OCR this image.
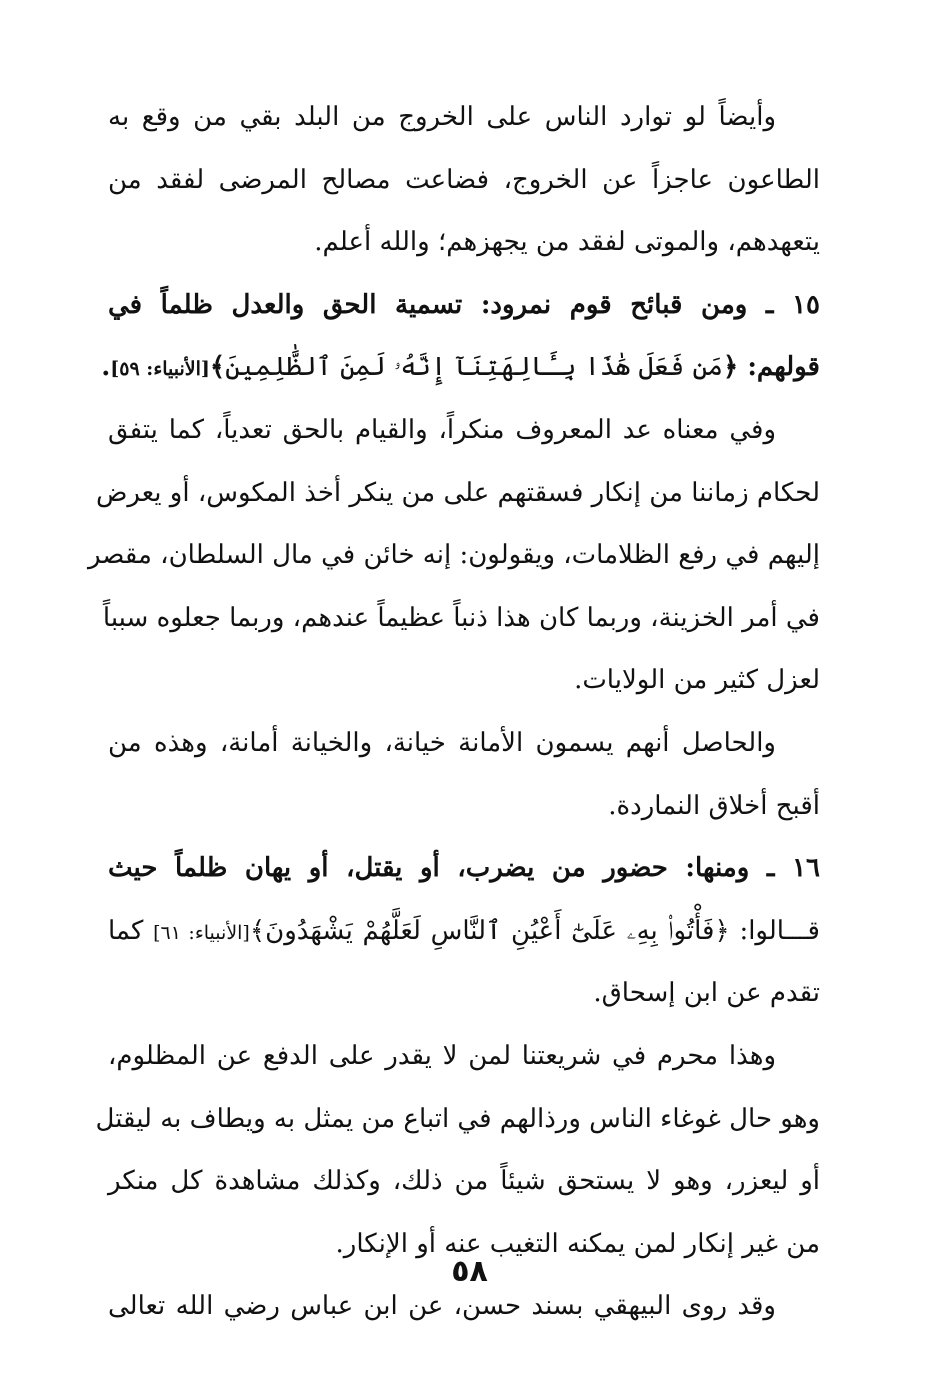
وأيضاً لو توارد الناس على الخروج من البلد بقي من وقع به
الطاعون عاجزاً عن الخروج، فضاعت مصالح المرضى لفقد من
يتعهدهم، والموتى لفقد من يجهزهم؛ والله أعلم.
١٥ ـ ومن قبائح قوم نمرود: تسمية الحق والعدل ظلماً في
قولهم: ﴿مَن فَعَلَ هَٰذَا بِـَٔالِهَتِنَآ إِنَّهُۥ لَمِنَ ٱلظَّٰلِمِينَ﴾[الأنبياء: ٥٩].
وفي معناه عد المعروف منكراً، والقيام بالحق تعدياً، كما يتفق
لحكام زماننا من إنكار فسقتهم على من ينكر أخذ المكوس، أو يعرض
إليهم في رفع الظلامات، ويقولون: إنه خائن في مال السلطان، مقصر
في أمر الخزينة، وربما كان هذا ذنباً عظيماً عندهم، وربما جعلوه سبباً
لعزل كثير من الولايات.
والحاصل أنهم يسمون الأمانة خيانة، والخيانة أمانة، وهذه من
أقبح أخلاق النماردة.
١٦ ـ ومنها: حضور من يضرب، أو يقتل، أو يهان ظلماً حيث
قـــالوا: ﴿فَأْتُوا۟ بِهِۦ عَلَىٰٓ أَعْيُنِ ٱلنَّاسِ لَعَلَّهُمْ يَشْهَدُونَ﴾[الأنبياء: ٦١] كما
تقدم عن ابن إسحاق.
وهذا محرم في شريعتنا لمن لا يقدر على الدفع عن المظلوم،
وهو حال غوغاء الناس ورذالهم في اتباع من يمثل به ويطاف به ليقتل
أو ليعزر، وهو لا يستحق شيئاً من ذلك، وكذلك مشاهدة كل منكر
من غير إنكار لمن يمكنه التغيب عنه أو الإنكار.
وقد روى البيهقي بسند حسن، عن ابن عباس رضي الله تعالى
٥٨
